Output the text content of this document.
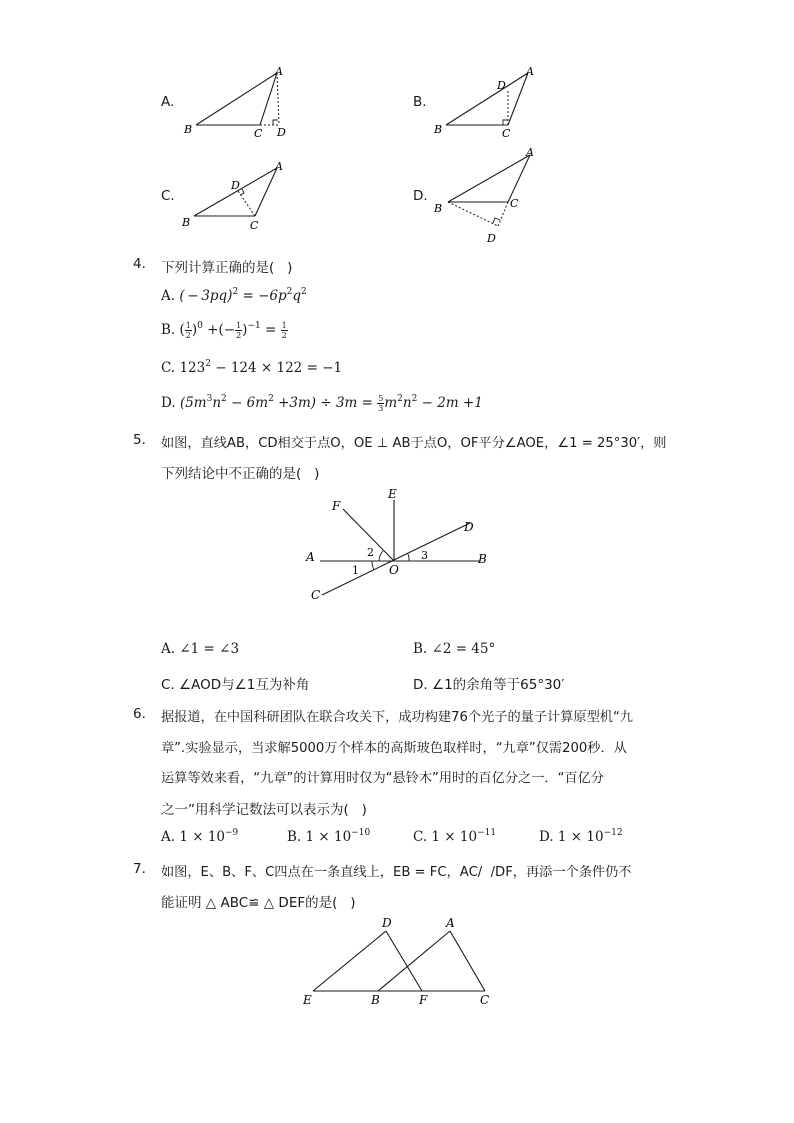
A.
A
B	C D
B.
A
B	C
D
C.
A
B	C
D
D.
A
B	C
D
4. 下列计算正确的是(   )
A. ( − $3pq)^2 = -6p^2q^2$
B. ( $\frac{1}{2} )^0$ +(− $\frac{1}{2} )^{-1} = \frac{1}{2}$
C. $123^2 - 124 \times 122 = -1$
D. $(5m^3n^2 - 6m^2 +3m) \div 3m = \frac{5}{3} m^2n^2 - 2m +1$
5. 如图，直线AB，CD相交于点O，OE ⊥ AB于点O，OF平分∠AOE，∠1 = 25°30′，则
下列结论中不正确的是(   )
A	B
C
D
E
F
O
1
2	3
A. ∠1 = ∠3	B. ∠2 = 45°
C. ∠AOD与∠1互为补角	D. ∠1的余角等于65°30′
6. 据报道，在中国科研团队在联合攻关下，成功构建76个光子的量子计算原型机“九
章”.实验显示，当求解5000万个样本的高斯玻色取样时，“九章”仅需200秒．从
运算等效来看，“九章”的计算用时仅为“悬铃木”用时的百亿分之一．“百亿分
之一”用科学记数法可以表示为(   )
A. $1 \times 10^{-9}$	B. $1 \times 10^{-10}$	C. $1 \times 10^{-11}$	D. $1 \times 10^{-12}$
7. 如图，E、B、F、C四点在一条直线上，EB = FC，AC/  /DF，再添一个条件仍不
能证明 △ ABC≌ △ DEF的是(   )
D	A
E	B	F	C
